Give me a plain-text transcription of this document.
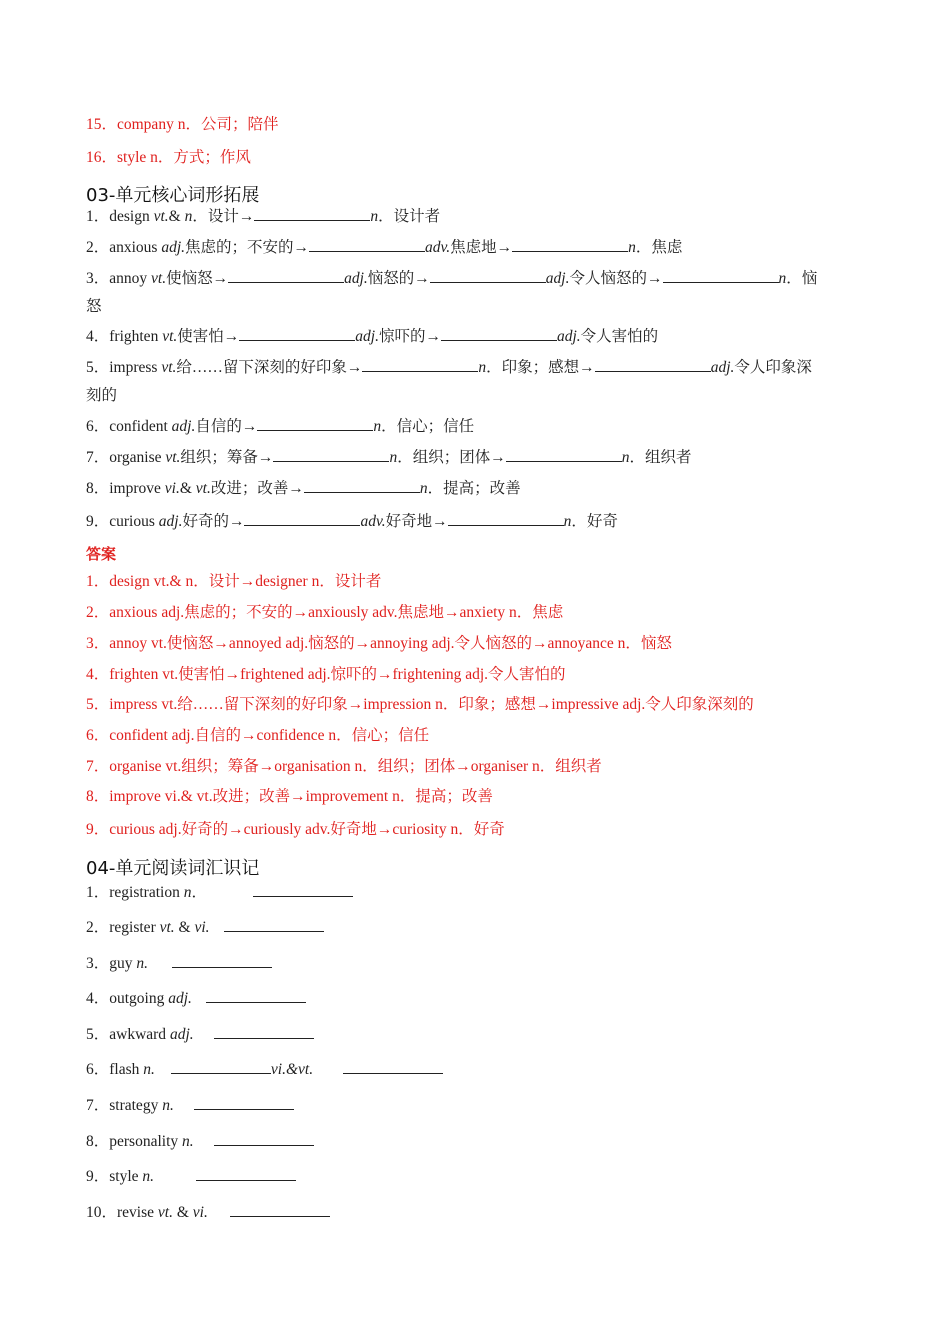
15．company n．公司；陪伴
16．style n．方式；作风
03-单元核心词形拓展
1．design vt.& n．设计→	n．设计者
2．anxious adj.焦虑的；不安的→	adv.焦虑地→	n．焦虑
3．annoy vt.使恼怒→	adj.恼怒的→	adj.令人恼怒的→	n．恼
怒
4．frighten vt.使害怕→	adj.惊吓的→	adj.令人害怕的
5．impress vt.给……留下深刻的好印象→	n．印象；感想→	adj.令人印象深
刻的
6．confident adj.自信的→	n．信心；信任
7．organise vt.组织；筹备→	n．组织；团体→	n．组织者
8．improve vi.& vt.改进；改善→	n．提高；改善
9．curious adj.好奇的→	adv.好奇地→	n．好奇
答案
1．design vt.& n．设计→designer n．设计者
2．anxious adj.焦虑的；不安的→anxiously adv.焦虑地→anxiety n．焦虑
3．annoy vt.使恼怒→annoyed adj.恼怒的→annoying adj.令人恼怒的→annoyance n．恼怒
4．frighten vt.使害怕→frightened adj.惊吓的→frightening adj.令人害怕的
5．impress vt.给……留下深刻的好印象→impression n．印象；感想→impressive adj.令人印象深刻的
6．confident adj.自信的→confidence n．信心；信任
7．organise vt.组织；筹备→organisation n．组织；团体→organiser n．组织者
8．improve vi.& vt.改进；改善→improvement n．提高；改善
9．curious adj.好奇的→curiously adv.好奇地→curiosity n．好奇
04-单元阅读词汇识记
1．registration n．
2．register vt. & vi.
3．guy n.
4．outgoing adj.
5．awkward adj.
6．flash n.	vi.&vt.
7．strategy n.
8．personality n.
9．style n.
10．revise vt. & vi.
